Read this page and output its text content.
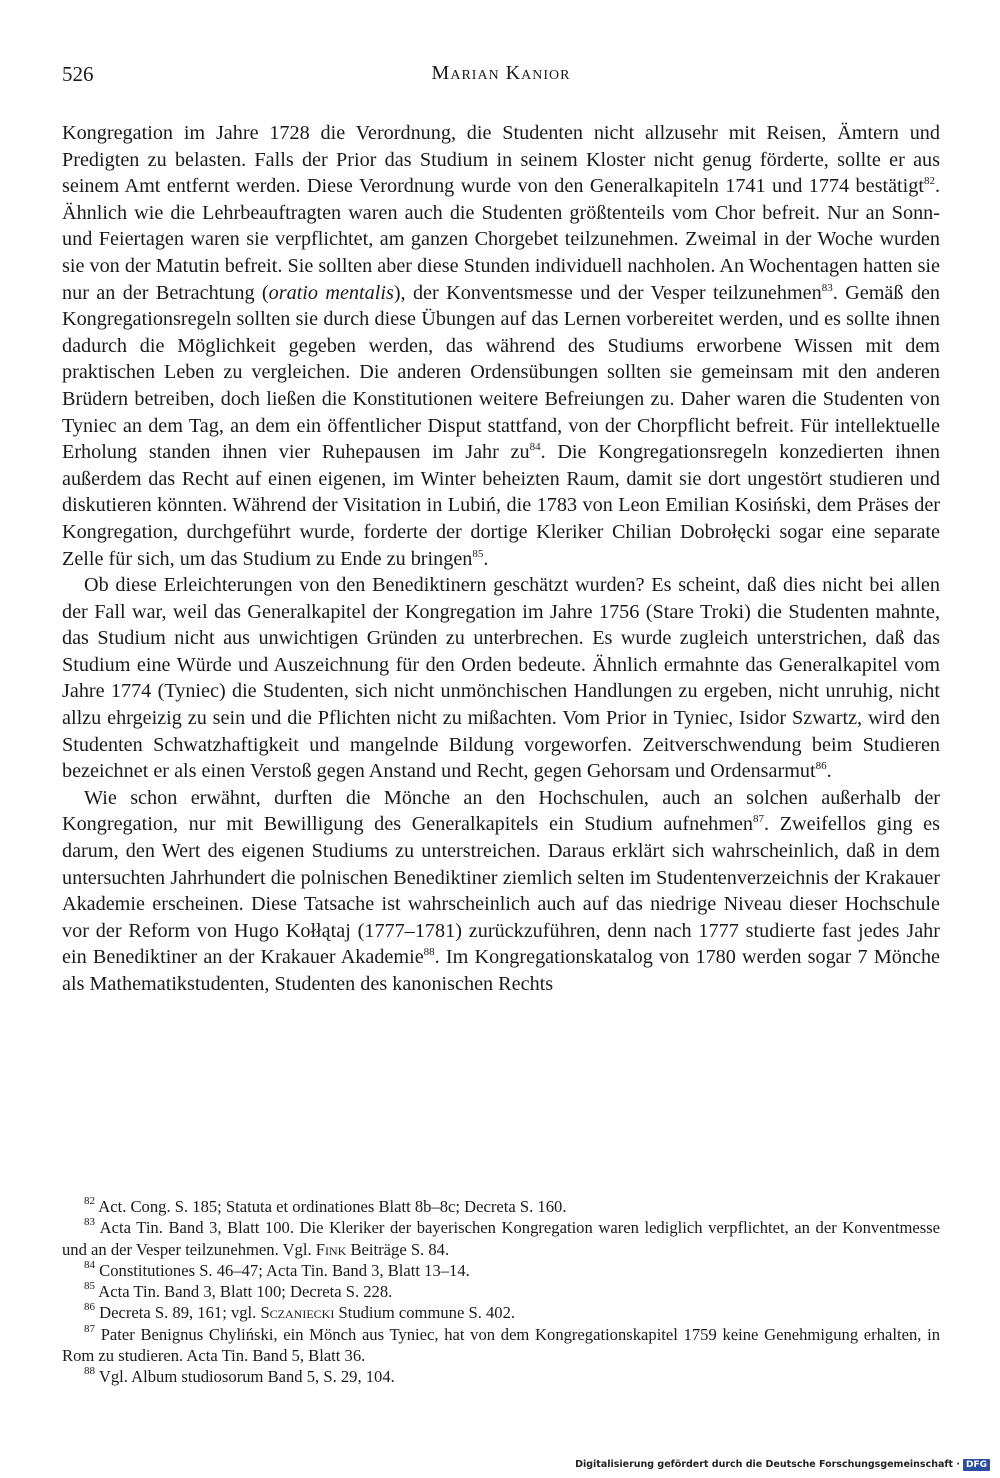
526	Marian Kanior

Kongregation im Jahre 1728 die Verordnung, die Studenten nicht allzusehr mit Reisen, Ämtern und Predigten zu belasten. Falls der Prior das Studium in seinem Kloster nicht genug förderte, sollte er aus seinem Amt entfernt werden. Diese Verordnung wurde von den Generalkapiteln 1741 und 1774 bestätigt$^{82}$. Ähnlich wie die Lehrbeauftragten waren auch die Studenten größtenteils vom Chor befreit. Nur an Sonn- und Feiertagen waren sie verpflichtet, am ganzen Chorgebet teilzunehmen. Zweimal in der Woche wurden sie von der Matutin befreit. Sie sollten aber diese Stunden individuell nachholen. An Wochentagen hatten sie nur an der Betrachtung (oratio mentalis), der Konventsmesse und der Vesper teilzunehmen$^{83}$. Gemäß den Kongregationsregeln sollten sie durch diese Übungen auf das Lernen vorbereitet werden, und es sollte ihnen dadurch die Möglichkeit gegeben werden, das während des Studiums erworbene Wissen mit dem praktischen Leben zu vergleichen. Die anderen Ordensübungen sollten sie gemeinsam mit den anderen Brüdern betreiben, doch ließen die Konstitutionen weitere Befreiungen zu. Daher waren die Studenten von Tyniec an dem Tag, an dem ein öffentlicher Disput stattfand, von der Chorpflicht befreit. Für intellektuelle Erholung standen ihnen vier Ruhepausen im Jahr $zu^{84}$. Die Kongregationsregeln konzedierten ihnen außerdem das Recht auf einen eigenen, im Winter beheizten Raum, damit sie dort ungestört studieren und diskutieren könnten. Während der Visitation in Lubiń, die 1783 von Leon Emilian Kosiński, dem Präses der Kongregation, durchgeführt wurde, forderte der dortige Kleriker Chilian Dobrołęcki sogar eine separate Zelle für sich, um das Studium zu Ende zu bringen$^{85}$.

Ob diese Erleichterungen von den Benediktinern geschätzt wurden? Es scheint, daß dies nicht bei allen der Fall war, weil das Generalkapitel der Kongregation im Jahre 1756 (Stare Troki) die Studenten mahnte, das Studium nicht aus unwichtigen Gründen zu unterbrechen. Es wurde zugleich unterstrichen, daß das Studium eine Würde und Auszeichnung für den Orden bedeute. Ähnlich ermahnte das Generalkapitel vom Jahre 1774 (Tyniec) die Studenten, sich nicht unmönchischen Handlungen zu ergeben, nicht unruhig, nicht allzu ehrgeizig zu sein und die Pflichten nicht zu mißachten. Vom Prior in Tyniec, Isidor Szwartz, wird den Studenten Schwatzhaftigkeit und mangelnde Bildung vorgeworfen. Zeitverschwendung beim Studieren bezeichnet er als einen Verstoß gegen Anstand und Recht, gegen Gehorsam und Ordensarmut$^{86}$.

Wie schon erwähnt, durften die Mönche an den Hochschulen, auch an solchen außerhalb der Kongregation, nur mit Bewilligung des Generalkapitels ein Studium aufnehmen$^{87}$. Zweifellos ging es darum, den Wert des eigenen Studiums zu unterstreichen. Daraus erklärt sich wahrscheinlich, daß in dem untersuchten Jahrhundert die polnischen Benediktiner ziemlich selten im Studentenverzeichnis der Krakauer Akademie erscheinen. Diese Tatsache ist wahrscheinlich auch auf das niedrige Niveau dieser Hochschule vor der Reform von Hugo Kołłątaj (1777–1781) zurückzuführen, denn nach 1777 studierte fast jedes Jahr ein Benediktiner an der Krakauer Akademie$^{88}$. Im Kongregationskatalog von 1780 werden sogar 7 Mönche als Mathematikstudenten, Studenten des kanonischen Rechts

$^{82}$ Act. Cong. S. 185; Statuta et ordinationes Blatt 8b–8c; Decreta S. 160.

$^{83}$ Acta Tin. Band 3, Blatt 100. Die Kleriker der bayerischen Kongregation waren lediglich verpflichtet, an der Konventmesse und an der Vesper teilzunehmen. Vgl. Fink Beiträge S. 84.

$^{84}$ Constitutiones S. 46–47; Acta Tin. Band 3, Blatt 13–14.

$^{85}$ Acta Tin. Band 3, Blatt 100; Decreta S. 228.

$^{86}$ Decreta S. 89, 161; vgl. Sczaniecki Studium commune S. 402.

$^{87}$ Pater Benignus Chyliński, ein Mönch aus Tyniec, hat von dem Kongregationskapitel 1759 keine Genehmigung erhalten, in Rom zu studieren. Acta Tin. Band 5, Blatt 36.

$^{88}$ Vgl. Album studiosorum Band 5, S. 29, 104.

Digitalisierung gefördert durch die Deutsche Forschungsgemeinschaft · DFG
